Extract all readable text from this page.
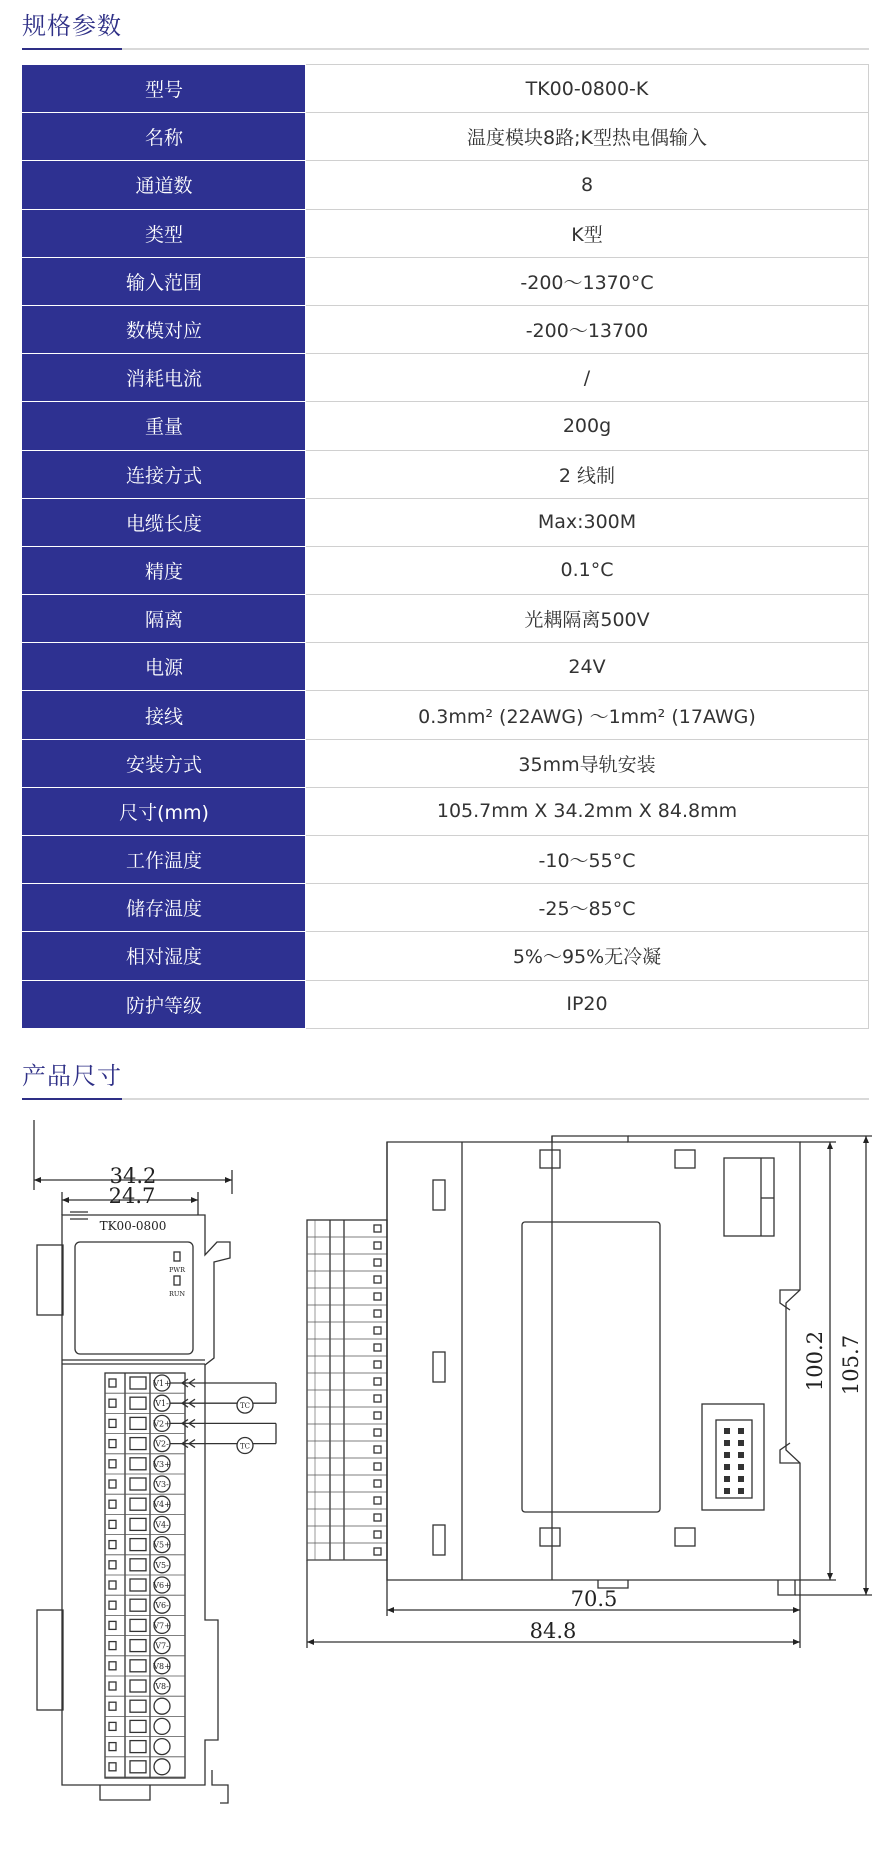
规格参数
型号	TK00-0800-K
名称	温度模块8路;K型热电偶输入
通道数	8
类型	K型
输入范围	-200～1370°C
数模对应	-200～13700
消耗电流	/
重量	200g
连接方式	2 线制
电缆长度	Max:300M
精度	0.1°C
隔离	光耦隔离500V
电源	24V
接线	0.3mm² (22AWG) ～1mm² (17AWG)
安装方式	35mm导轨安装
尺寸(mm)	105.7mm X 34.2mm X 84.8mm
工作温度	-10～55°C
储存温度	-25～85°C
相对湿度	5%～95%无冷凝
防护等级	IP20
产品尺寸
V1+
V1-
V2+
V2-
V3+
V3-
V4+
V4-
V5+
V5-
V6+
V6-
V7+
V7-
V8+
V8-
TC
TC
34.2
24.7
TK00-0800
PWR
RUN
100.2 105.7
70.5
84.8
